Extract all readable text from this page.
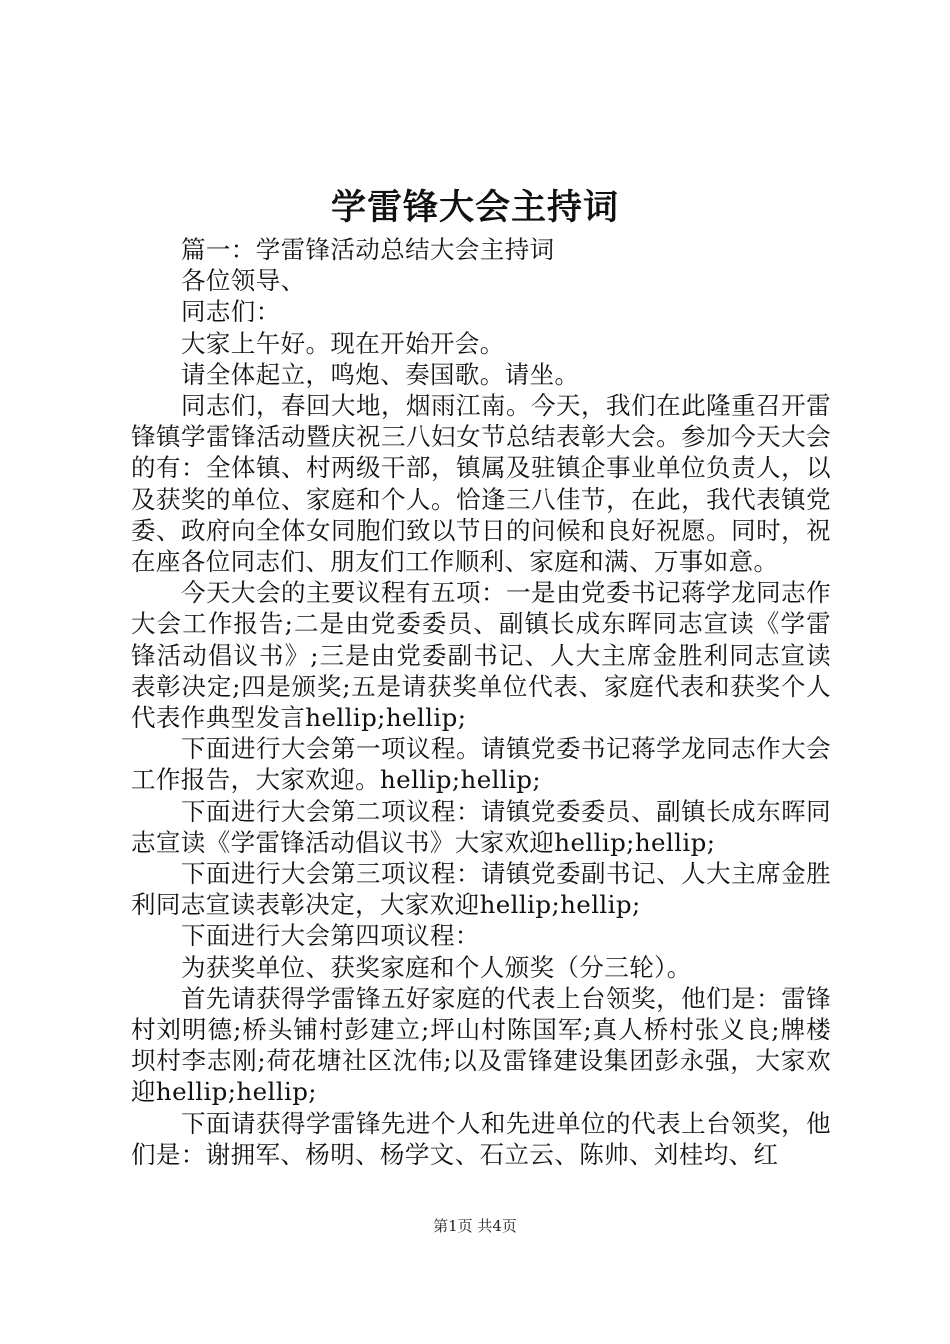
学雷锋大会主持词

篇一：学雷锋活动总结大会主持词

各位领导、

同志们：

大家上午好。现在开始开会。

请全体起立，鸣炮、奏国歌。请坐。

同志们，春回大地，烟雨江南。今天，我们在此隆重召开雷锋镇学雷锋活动暨庆祝三八妇女节总结表彰大会。参加今天大会的有：全体镇、村两级干部，镇属及驻镇企事业单位负责人，以及获奖的单位、家庭和个人。恰逢三八佳节，在此，我代表镇党委、政府向全体女同胞们致以节日的问候和良好祝愿。同时，祝在座各位同志们、朋友们工作顺利、家庭和满、万事如意。

今天大会的主要议程有五项：一是由党委书记蒋学龙同志作大会工作报告;二是由党委委员、副镇长成东晖同志宣读《学雷锋活动倡议书》;三是由党委副书记、人大主席金胜利同志宣读表彰决定;四是颁奖;五是请获奖单位代表、家庭代表和获奖个人代表作典型发言hellip;hellip;

下面进行大会第一项议程。请镇党委书记蒋学龙同志作大会工作报告，大家欢迎。hellip;hellip;

下面进行大会第二项议程：请镇党委委员、副镇长成东晖同志宣读《学雷锋活动倡议书》大家欢迎hellip;hellip;

下面进行大会第三项议程：请镇党委副书记、人大主席金胜利同志宣读表彰决定，大家欢迎hellip;hellip;

下面进行大会第四项议程：

为获奖单位、获奖家庭和个人颁奖（分三轮）。

首先请获得学雷锋五好家庭的代表上台领奖，他们是：雷锋村刘明德;桥头铺村彭建立;坪山村陈国军;真人桥村张义良;牌楼坝村李志刚;荷花塘社区沈伟;以及雷锋建设集团彭永强，大家欢迎hellip;hellip;

下面请获得学雷锋先进个人和先进单位的代表上台领奖，他们是：谢拥军、杨明、杨学文、石立云、陈帅、刘桂均、红

第1页 共4页
